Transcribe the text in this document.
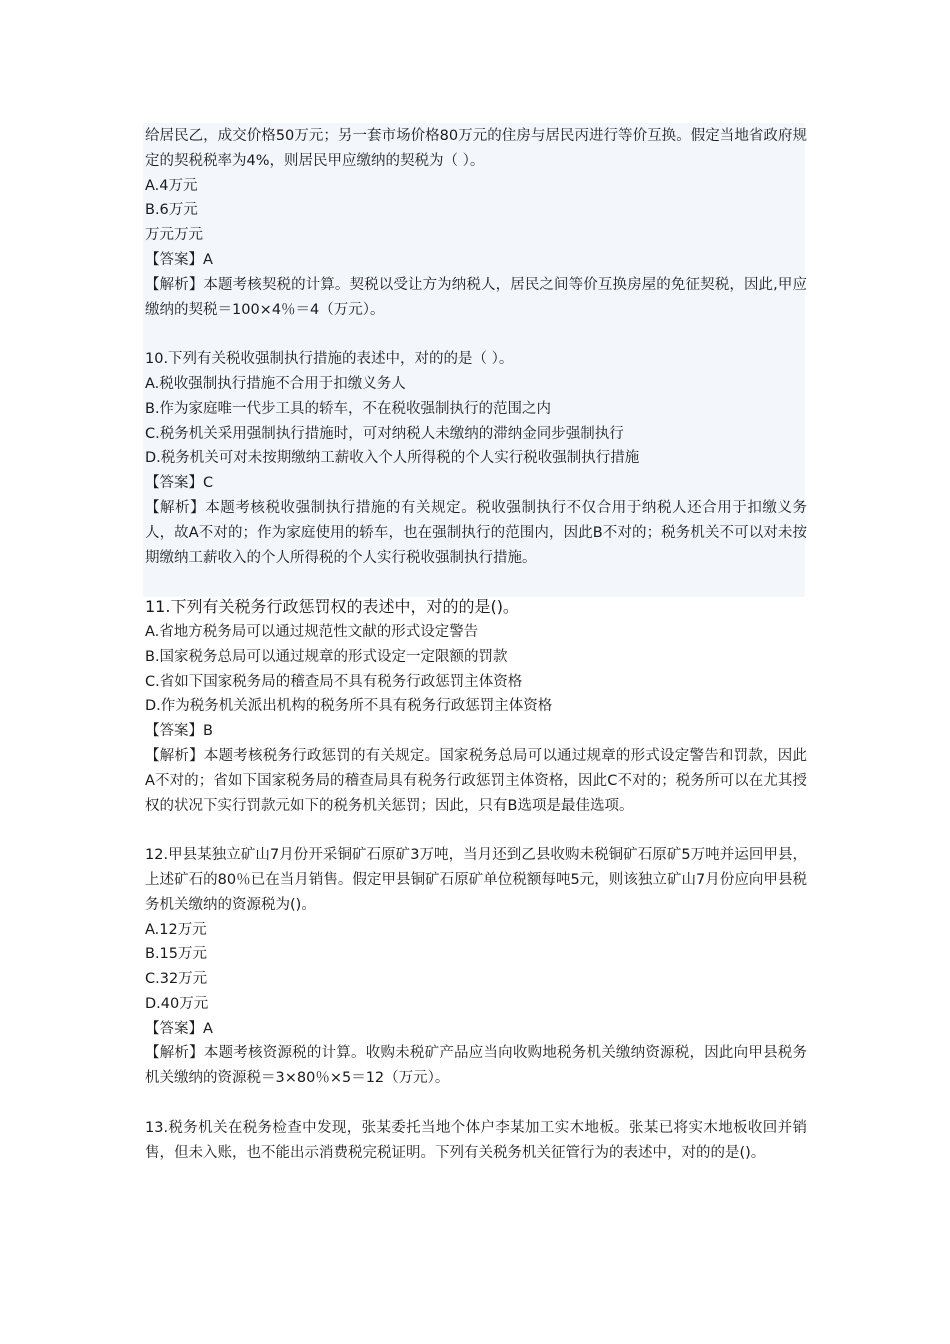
给居民乙，成交价格50万元；另一套市场价格80万元的住房与居民丙进行等价互换。假定当地省政府规定的契税税率为4%，则居民甲应缴纳的契税为（ ）。
A.4万元
B.6万元
万元万元
【答案】A
【解析】本题考核契税的计算。契税以受让方为纳税人，居民之间等价互换房屋的免征契税，因此,甲应缴纳的契税＝100×4％＝4（万元）。
10.下列有关税收强制执行措施的表述中，对的的是（ ）。
A.税收强制执行措施不合用于扣缴义务人
B.作为家庭唯一代步工具的轿车，不在税收强制执行的范围之内
C.税务机关采用强制执行措施时，可对纳税人未缴纳的滞纳金同步强制执行
D.税务机关可对未按期缴纳工薪收入个人所得税的个人实行税收强制执行措施
【答案】C
【解析】本题考核税收强制执行措施的有关规定。税收强制执行不仅合用于纳税人还合用于扣缴义务人，故A不对的；作为家庭使用的轿车，也在强制执行的范围内，因此B不对的；税务机关不可以对未按期缴纳工薪收入的个人所得税的个人实行税收强制执行措施。
11.下列有关税务行政惩罚权的表述中，对的的是()。
A.省地方税务局可以通过规范性文献的形式设定警告
B.国家税务总局可以通过规章的形式设定一定限额的罚款
C.省如下国家税务局的稽查局不具有税务行政惩罚主体资格
D.作为税务机关派出机构的税务所不具有税务行政惩罚主体资格
【答案】B
【解析】本题考核税务行政惩罚的有关规定。国家税务总局可以通过规章的形式设定警告和罚款，因此A不对的；省如下国家税务局的稽查局具有税务行政惩罚主体资格，因此C不对的；税务所可以在尤其授权的状况下实行罚款元如下的税务机关惩罚；因此，只有B选项是最佳选项。
12.甲县某独立矿山7月份开采铜矿石原矿3万吨，当月还到乙县收购未税铜矿石原矿5万吨并运回甲县，上述矿石的80％已在当月销售。假定甲县铜矿石原矿单位税额每吨5元，则该独立矿山7月份应向甲县税务机关缴纳的资源税为()。
A.12万元
B.15万元
C.32万元
D.40万元
【答案】A
【解析】本题考核资源税的计算。收购未税矿产品应当向收购地税务机关缴纳资源税，因此向甲县税务机关缴纳的资源税＝3×80％×5＝12（万元）。
13.税务机关在税务检查中发现，张某委托当地个体户李某加工实木地板。张某已将实木地板收回并销售，但未入账，也不能出示消费税完税证明。下列有关税务机关征管行为的表述中，对的的是()。
